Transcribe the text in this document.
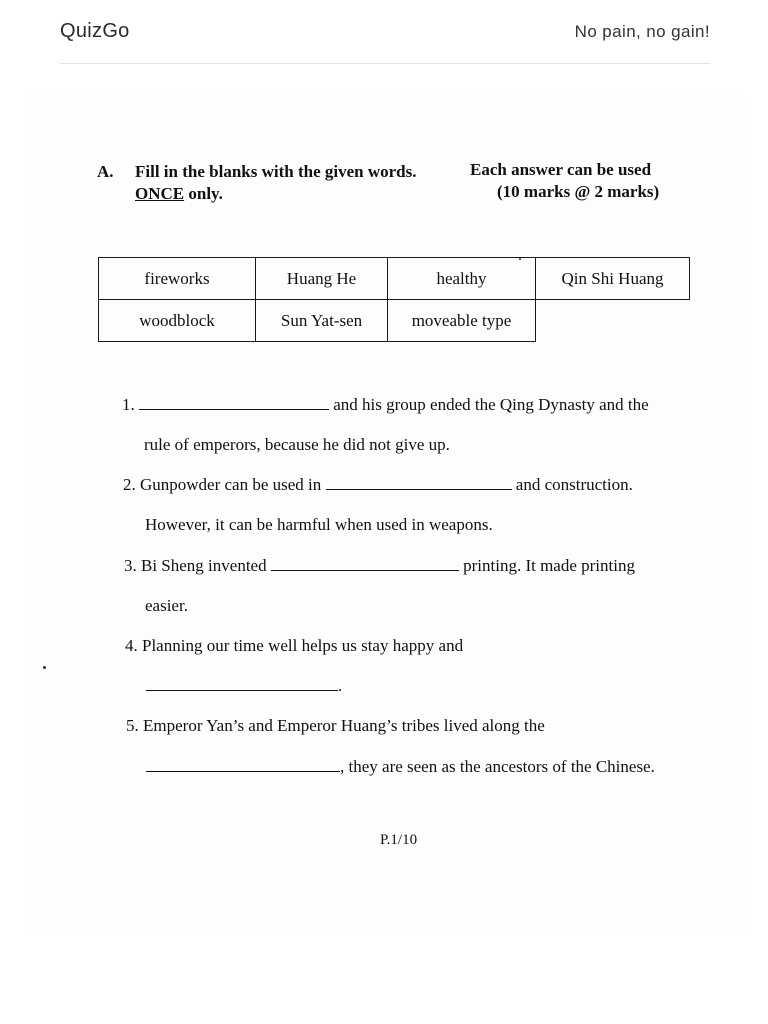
QuizGo	No pain, no gain!
A. Fill in the blanks with the given words.
ONCE only.
Each answer can be used
(10 marks @ 2 marks)
fireworks	Huang He	healthy	Qin Shi Huang
woodblock	Sun Yat-sen	moveable type
1.	and his group ended the Qing Dynasty and the
rule of emperors, because he did not give up.
2. Gunpowder can be used in	and construction.
However, it can be harmful when used in weapons.
3. Bi Sheng invented	printing. It made printing
easier.
4. Planning our time well helps us stay happy and
.
5. Emperor Yan’s and Emperor Huang’s tribes lived along the
, they are seen as the ancestors of the Chinese.
P.1/10
